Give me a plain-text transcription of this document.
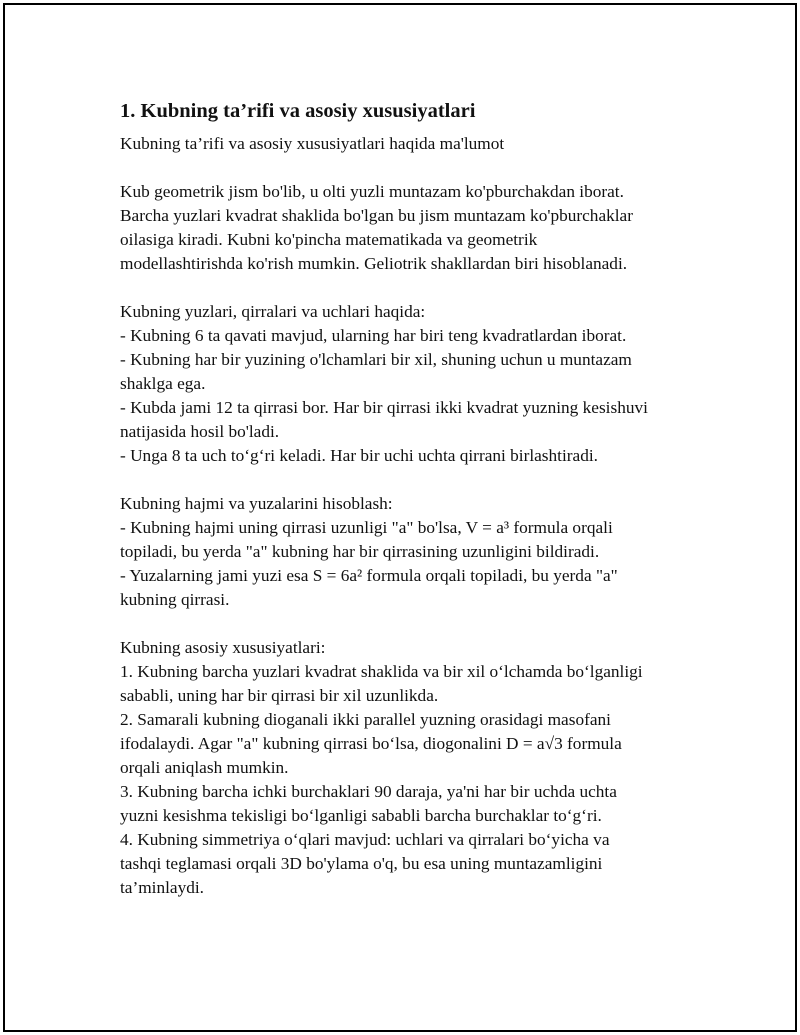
1. Kubning ta’rifi va asosiy xususiyatlari

Kubning ta’rifi va asosiy xususiyatlari haqida ma'lumot

Kub geometrik jism bo'lib, u olti yuzli muntazam ko'pburchakdan iborat.

Barcha yuzlari kvadrat shaklida bo'lgan bu jism muntazam ko'pburchaklar

oilasiga kiradi. Kubni ko'pincha matematikada va geometrik

modellashtirishda ko'rish mumkin. Geliotrik shakllardan biri hisoblanadi.

Kubning yuzlari, qirralari va uchlari haqida:

- Kubning 6 ta qavati mavjud, ularning har biri teng kvadratlardan iborat.

- Kubning har bir yuzining o'lchamlari bir xil, shuning uchun u muntazam

shaklga ega.

- Kubda jami 12 ta qirrasi bor. Har bir qirrasi ikki kvadrat yuzning kesishuvi

natijasida hosil bo'ladi.

- Unga 8 ta uch to‘g‘ri keladi. Har bir uchi uchta qirrani birlashtiradi.

Kubning hajmi va yuzalarini hisoblash:

- Kubning hajmi uning qirrasi uzunligi "a" bo'lsa, V = a³ formula orqali

topiladi, bu yerda "a" kubning har bir qirrasining uzunligini bildiradi.

- Yuzalarning jami yuzi esa S = 6a² formula orqali topiladi, bu yerda "a"

kubning qirrasi.

Kubning asosiy xususiyatlari:

1. Kubning barcha yuzlari kvadrat shaklida va bir xil o‘lchamda bo‘lganligi

sababli, uning har bir qirrasi bir xil uzunlikda.

2. Samarali kubning dioganali ikki parallel yuzning orasidagi masofani

ifodalaydi. Agar "a" kubning qirrasi bo‘lsa, diogonalini D = a√3 formula

orqali aniqlash mumkin.

3. Kubning barcha ichki burchaklari 90 daraja, ya'ni har bir uchda uchta

yuzni kesishma tekisligi bo‘lganligi sababli barcha burchaklar to‘g‘ri.

4. Kubning simmetriya o‘qlari mavjud: uchlari va qirralari bo‘yicha va

tashqi teglamasi orqali 3D bo'ylama o'q, bu esa uning muntazamligini

ta’minlaydi.
